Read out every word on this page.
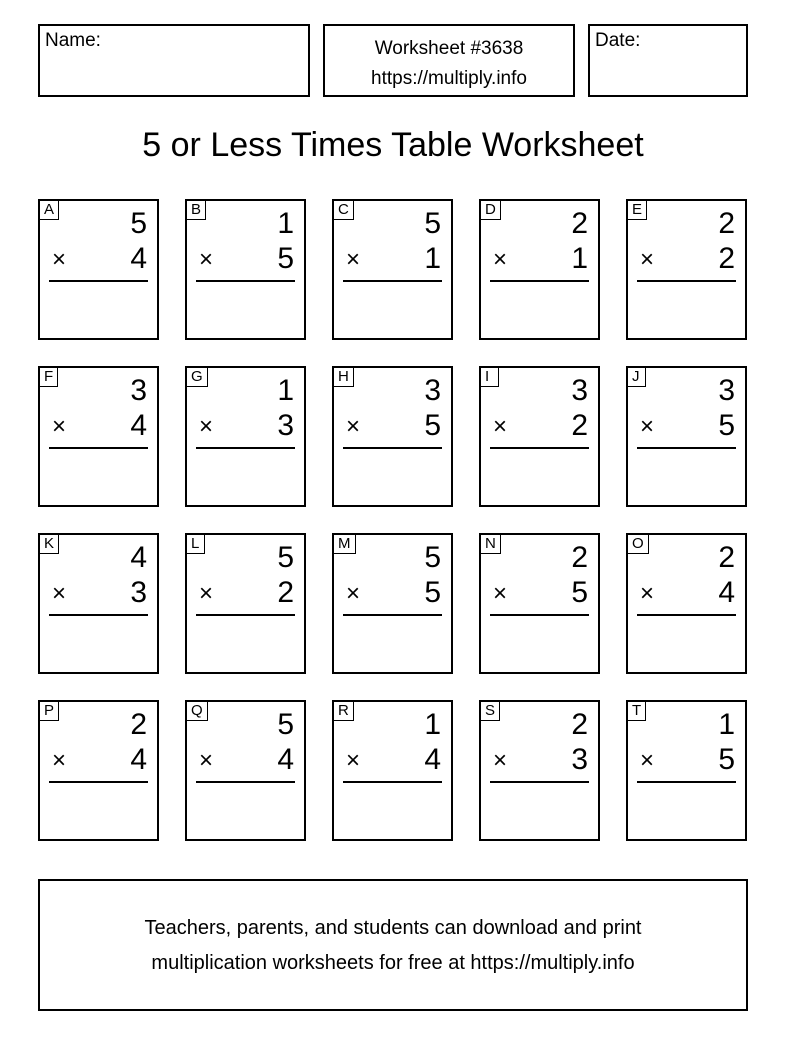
Name:	Worksheet #3638
https://multiply.info
Date:
5 or Less Times Table Worksheet
A	5
× 4
B	1
× 5
C	5
× 1
D	2
× 1
E	2
× 2
F	3
× 4
G 1
× 3
H	3
× 5
I	3
× 2
J	3
× 5
K	4
× 3
L	5
× 2
M 5
× 5
N	2
× 5
O 2
× 4
P	2
× 4
Q 5
× 4
R	1
× 4
S	2
× 3
T	1
× 5
Teachers, parents, and students can download and print
multiplication worksheets for free at https://multiply.info
